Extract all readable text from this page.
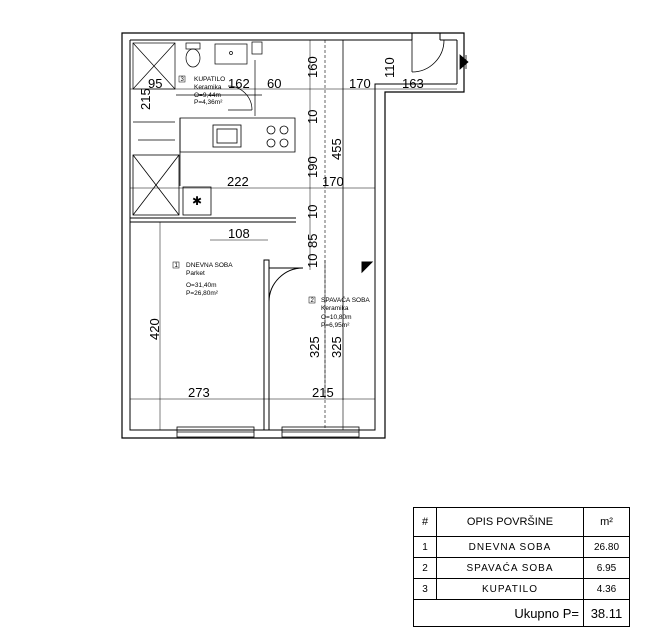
✱
95	162 60
160
170
110
163
215
455
222
190
170
108	85
420
325 325
273	215
10
10
10
3 KUPATILO
Keramika
O=9,44m
P=4,36m²
1 DNEVNA SOBA
Parket
O=31,40m
P=26,80m²
2 SPAVAĆA SOBA
Keramika
O=10,80m
P=6,95m²
#	OPIS POVRŠINE	m²
1	DNEVNA SOBA	26.80
2	SPAVAĆA SOBA	6.95
3	KUPATILO	4.36
Ukupno P=		38.11
